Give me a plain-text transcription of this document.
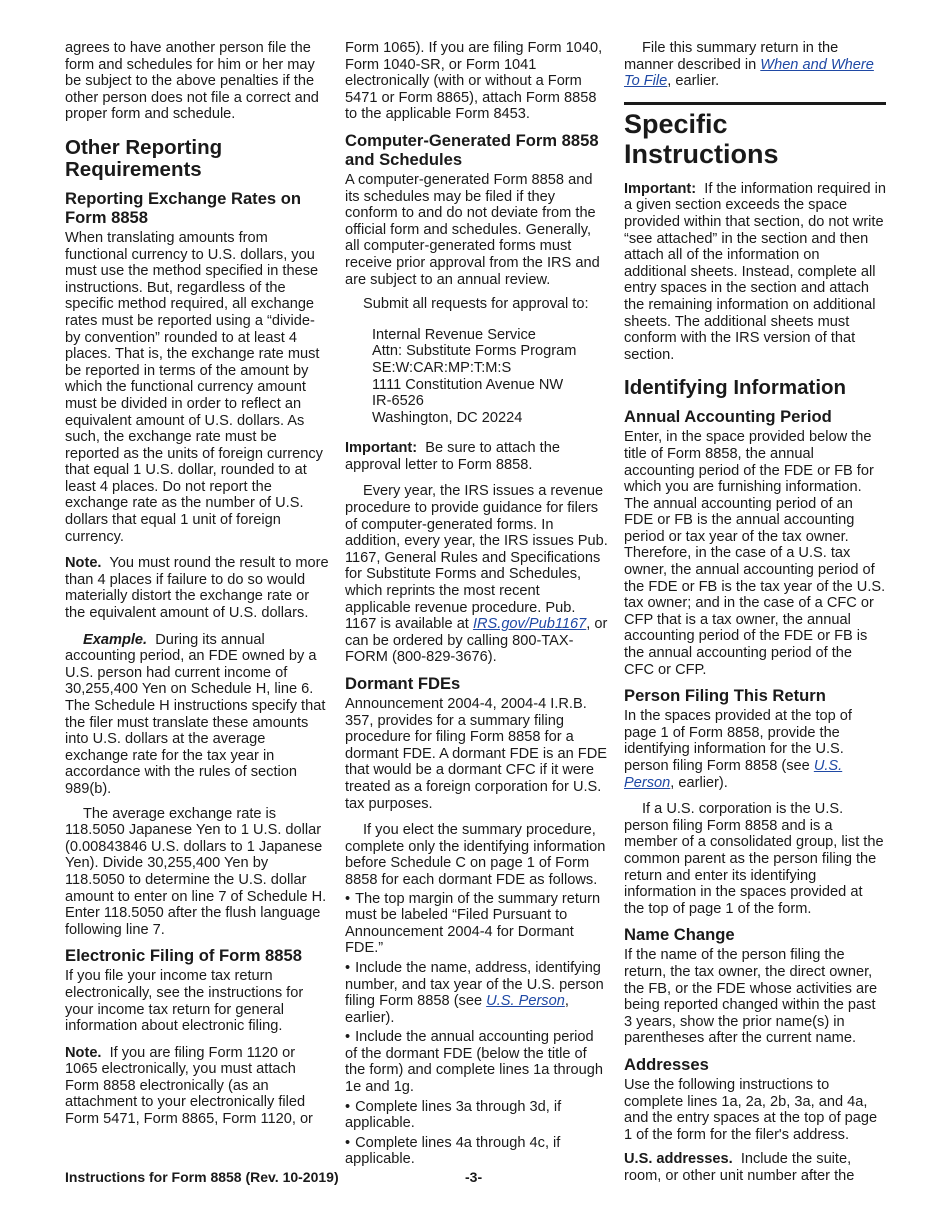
agrees to have another person file the form and schedules for him or her may be subject to the above penalties if the other person does not file a correct and proper form and schedule.

Other Reporting Requirements
Reporting Exchange Rates on Form 8858

When translating amounts from functional currency to U.S. dollars, you must use the method specified in these instructions. But, regardless of the specific method required, all exchange rates must be reported using a “divide-by convention” rounded to at least 4 places. That is, the exchange rate must be reported in terms of the amount by which the functional currency amount must be divided in order to reflect an equivalent amount of U.S. dollars. As such, the exchange rate must be reported as the units of foreign currency that equal 1 U.S. dollar, rounded to at least 4 places. Do not report the exchange rate as the number of U.S. dollars that equal 1 unit of foreign currency.

Note. You must round the result to more than 4 places if failure to do so would materially distort the exchange rate or the equivalent amount of U.S. dollars.

Example. During its annual accounting period, an FDE owned by a U.S. person had current income of 30,255,400 Yen on Schedule H, line 6. The Schedule H instructions specify that the filer must translate these amounts into U.S. dollars at the average exchange rate for the tax year in accordance with the rules of section 989(b).

The average exchange rate is 118.5050 Japanese Yen to 1 U.S. dollar (0.00843846 U.S. dollars to 1 Japanese Yen). Divide 30,255,400 Yen by 118.5050 to determine the U.S. dollar amount to enter on line 7 of Schedule H. Enter 118.5050 after the flush language following line 7.

Electronic Filing of Form 8858

If you file your income tax return electronically, see the instructions for your income tax return for general information about electronic filing.

Note. If you are filing Form 1120 or 1065 electronically, you must attach Form 8858 electronically (as an attachment to your electronically filed Form 5471, Form 8865, Form 1120, or

Form 1065). If you are filing Form 1040, Form 1040-SR, or Form 1041 electronically (with or without a Form 5471 or Form 8865), attach Form 8858 to the applicable Form 8453.

Computer-Generated Form 8858 and Schedules

A computer-generated Form 8858 and its schedules may be filed if they conform to and do not deviate from the official form and schedules. Generally, all computer-generated forms must receive prior approval from the IRS and are subject to an annual review.

Submit all requests for approval to:

Internal Revenue Service
Attn: Substitute Forms Program
SE:W:CAR:MP:T:M:S
1111 Constitution Avenue NW
IR-6526
Washington, DC 20224

Important: Be sure to attach the approval letter to Form 8858.

Every year, the IRS issues a revenue procedure to provide guidance for filers of computer-generated forms. In addition, every year, the IRS issues Pub. 1167, General Rules and Specifications for Substitute Forms and Schedules, which reprints the most recent applicable revenue procedure. Pub. 1167 is available at IRS.gov/Pub1167, or can be ordered by calling 800-TAX-FORM (800-829-3676).

Dormant FDEs

Announcement 2004-4, 2004-4 I.R.B. 357, provides for a summary filing procedure for filing Form 8858 for a dormant FDE. A dormant FDE is an FDE that would be a dormant CFC if it were treated as a foreign corporation for U.S. tax purposes.

If you elect the summary procedure, complete only the identifying information before Schedule C on page 1 of Form 8858 for each dormant FDE as follows.

• The top margin of the summary return must be labeled “Filed Pursuant to Announcement 2004-4 for Dormant FDE.”
• Include the name, address, identifying number, and tax year of the U.S. person filing Form 8858 (see U.S. Person, earlier).
• Include the annual accounting period of the dormant FDE (below the title of the form) and complete lines 1a through 1e and 1g.
• Complete lines 3a through 3d, if applicable.
• Complete lines 4a through 4c, if applicable.

File this summary return in the manner described in When and Where To File, earlier.

Specific Instructions

Important: If the information required in a given section exceeds the space provided within that section, do not write “see attached” in the section and then attach all of the information on additional sheets. Instead, complete all entry spaces in the section and attach the remaining information on additional sheets. The additional sheets must conform with the IRS version of that section.

Identifying Information
Annual Accounting Period

Enter, in the space provided below the title of Form 8858, the annual accounting period of the FDE or FB for which you are furnishing information. The annual accounting period of an FDE or FB is the annual accounting period or tax year of the tax owner. Therefore, in the case of a U.S. tax owner, the annual accounting period of the FDE or FB is the tax year of the U.S. tax owner; and in the case of a CFC or CFP that is a tax owner, the annual accounting period of the FDE or FB is the annual accounting period of the CFC or CFP.

Person Filing This Return

In the spaces provided at the top of page 1 of Form 8858, provide the identifying information for the U.S. person filing Form 8858 (see U.S. Person, earlier).

If a U.S. corporation is the U.S. person filing Form 8858 and is a member of a consolidated group, list the common parent as the person filing the return and enter its identifying information in the spaces provided at the top of page 1 of the form.

Name Change

If the name of the person filing the return, the tax owner, the direct owner, the FB, or the FDE whose activities are being reported changed within the past 3 years, show the prior name(s) in parentheses after the current name.

Addresses

Use the following instructions to complete lines 1a, 2a, 2b, 3a, and 4a, and the entry spaces at the top of page 1 of the form for the filer's address.

U.S. addresses. Include the suite, room, or other unit number after the

Instructions for Form 8858 (Rev. 10-2019)	-3-
